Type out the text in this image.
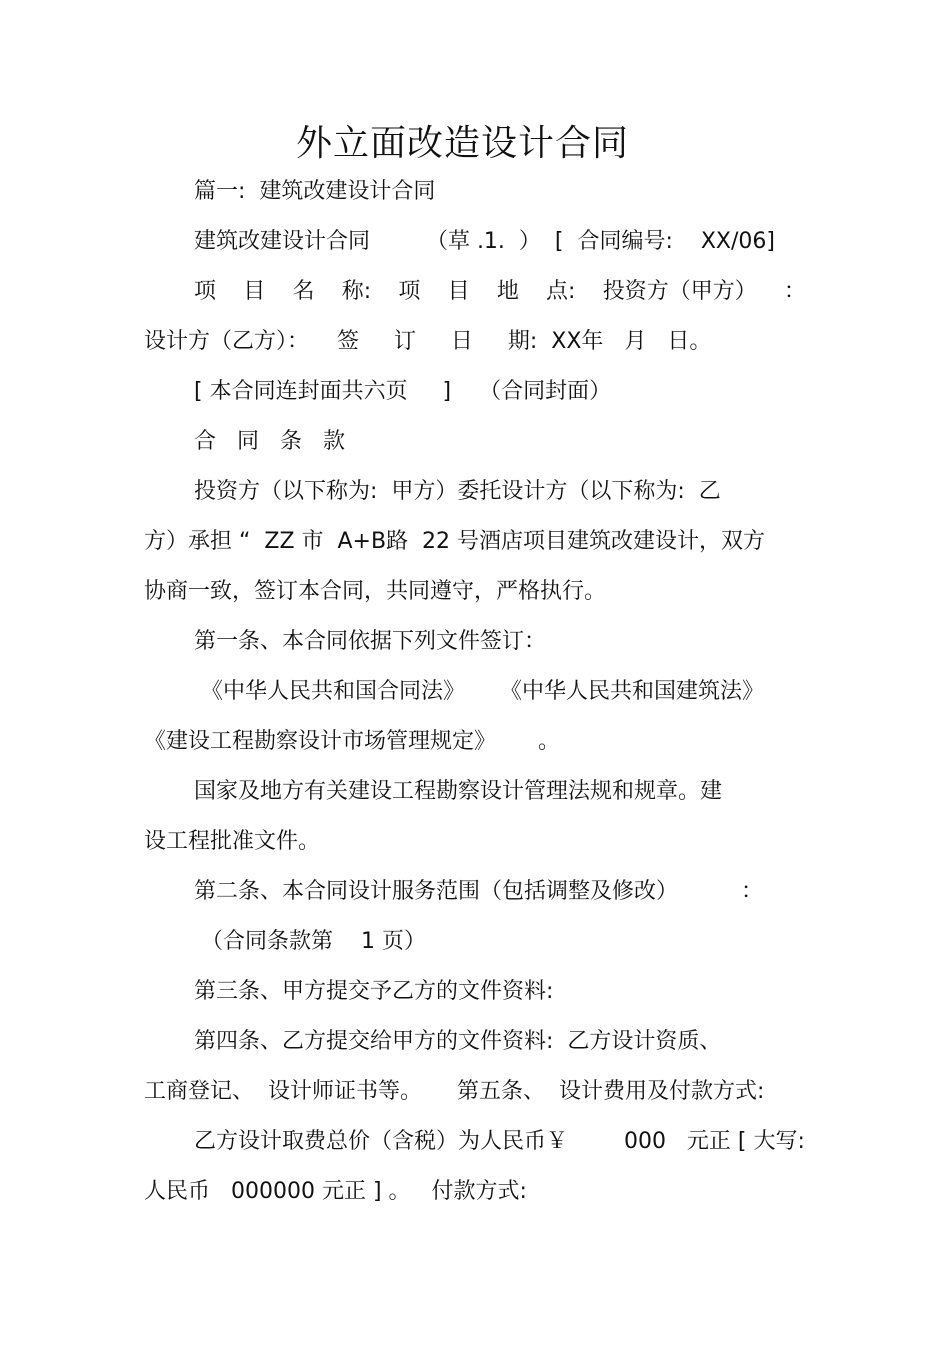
外立面改造设计合同
篇一:  建筑改建设计合同
建筑改建设计合同        （草 .1.  ）  [  合同编号:    XX/06]
项 目 名 称: 项 目 地 点: 投资方（甲方） ：
设计方（乙方）：    签     订     日     期:  XX年   月   日。
[ 本合同连封面共六页     ]    （合同封面）
合   同   条   款
投资方（以下称为:  甲方）委托设计方（以下称为:  乙
方）承担 “  ZZ 市  A+B路  22 号酒店项目建筑改建设计，双方
协商一致，签订本合同，共同遵守，严格执行。
第一条、本合同依据下列文件签订：
《中华人民共和国合同法》     《中华人民共和国建筑法》
《建设工程勘察设计市场管理规定》      。
国家及地方有关建设工程勘察设计管理法规和规章。建
设工程批准文件。
第二条、本合同设计服务范围（包括调整及修改）         ：
（合同条款第    1 页）
第三条、甲方提交予乙方的文件资料:
第四条、乙方提交给甲方的文件资料:  乙方设计资质、
工商登记、  设计师证书等。     第五条、  设计费用及付款方式:
乙方设计取费总价（含税）为人民币￥        000   元正 [ 大写:
人民币   000000 元正 ] 。   付款方式:
